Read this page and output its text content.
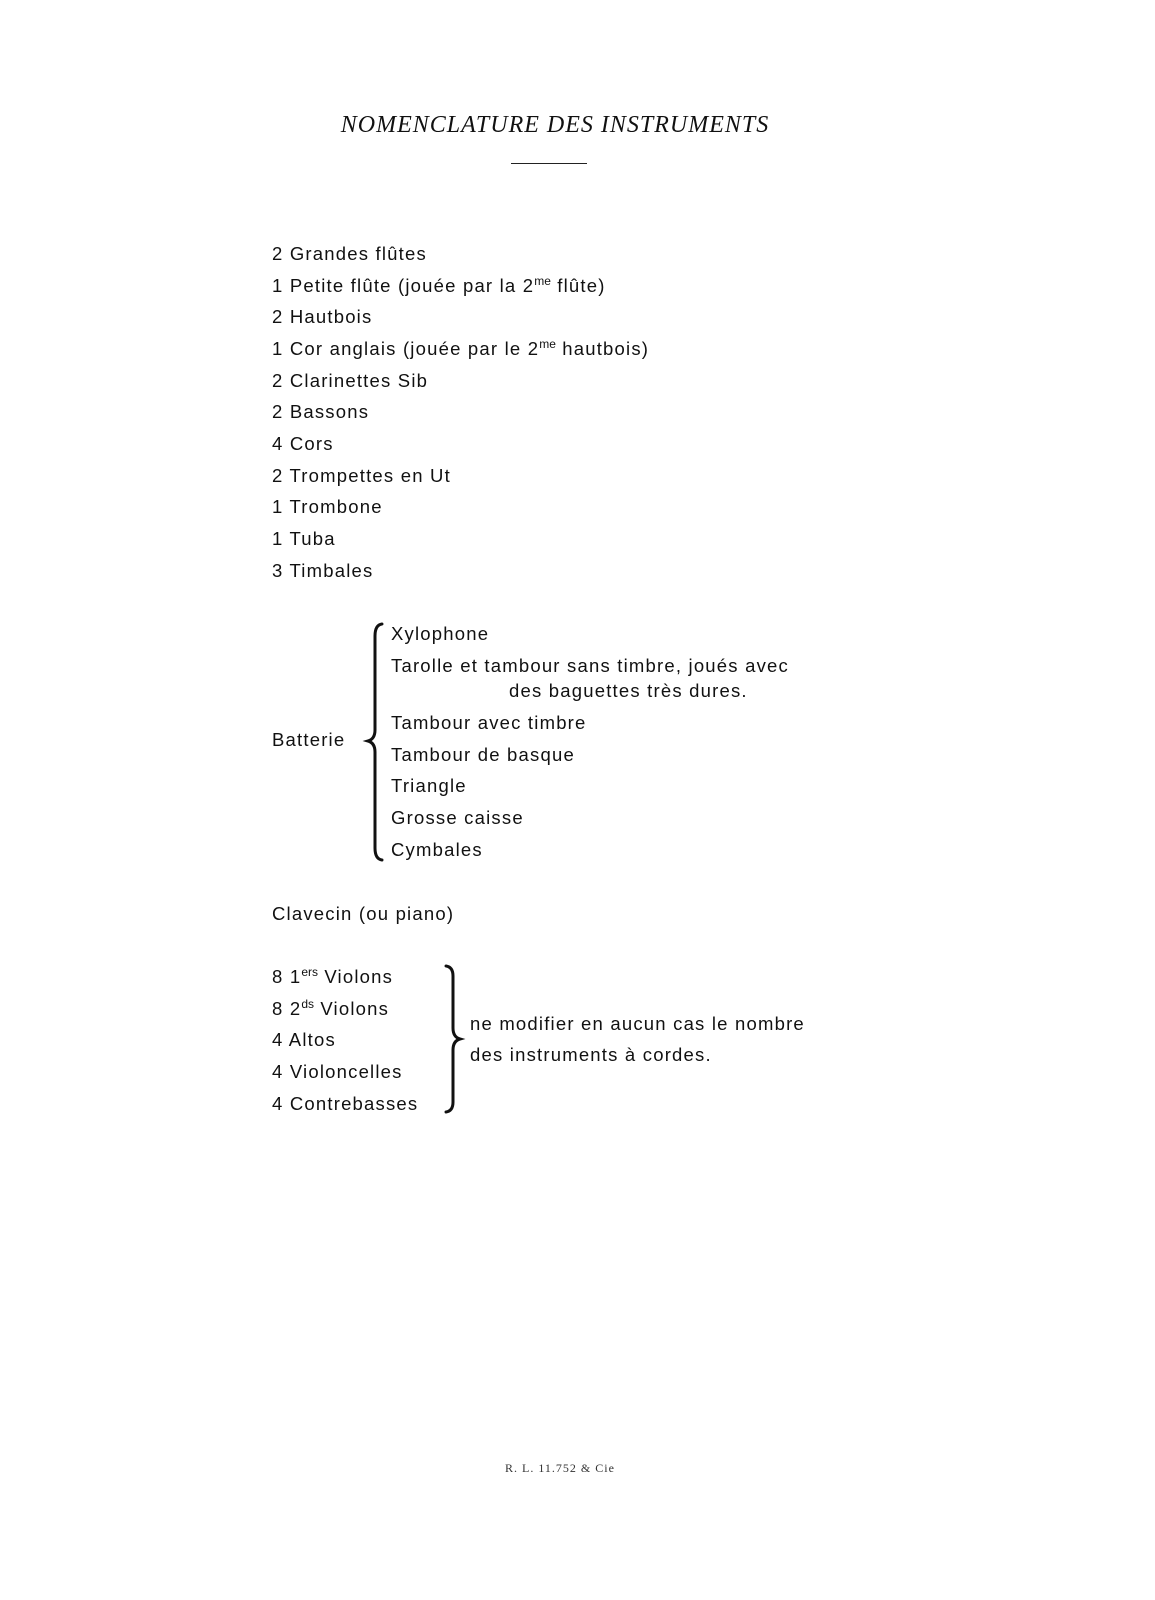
NOMENCLATURE DES INSTRUMENTS
2 Grandes flûtes
1 Petite flûte (jouée par la $2^{me}$ flûte)
2 Hautbois
1 Cor anglais (jouée par le $2^{me}$ hautbois)
2 Clarinettes Sib
2 Bassons
4 Cors
2 Trompettes en Ut
1 Trombone
1 Tuba
3 Timbales
Batterie
Xylophone
Tarolle et tambour sans timbre, joués avec
des baguettes très dures.
Tambour avec timbre
Tambour de basque
Triangle
Grosse caisse
Cymbales
Clavecin (ou piano)
8 1ers Violons
8 $2^{ds}$ Violons
4 Altos
4 Violoncelles
4 Contrebasses
ne modifier en aucun cas le nombre
des instruments à cordes.
R. L. 11.752 & Cie
